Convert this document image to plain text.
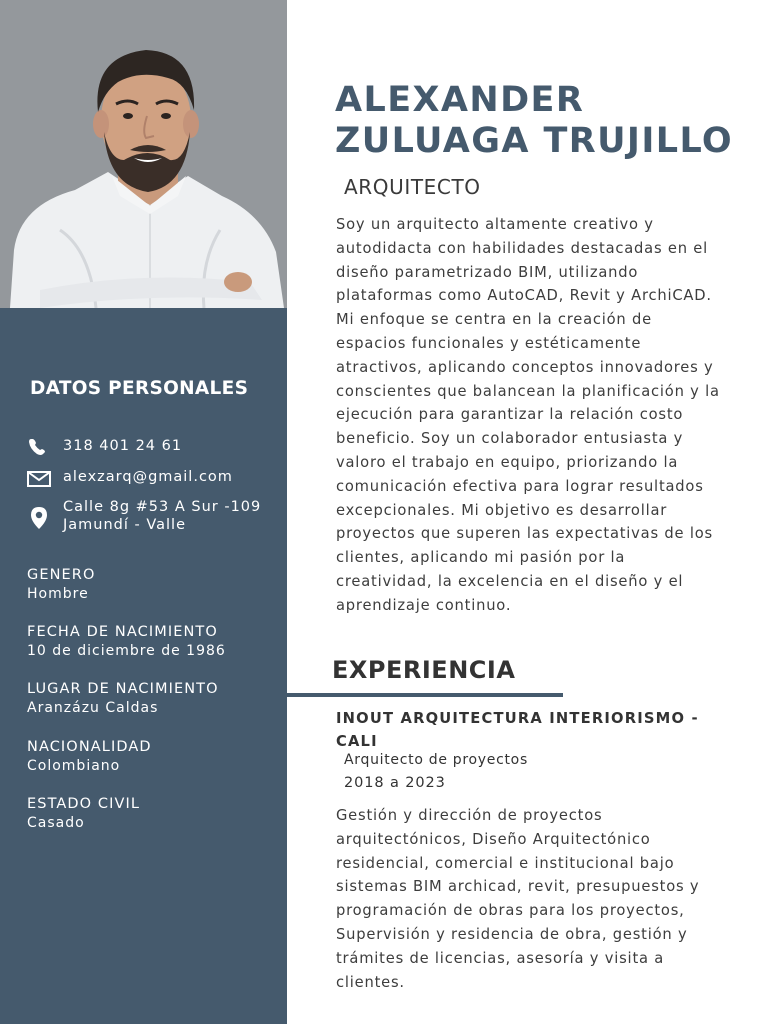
DATOS PERSONALES
318 401 24 61
alexzarq@gmail.com
Calle 8g #53 A Sur -109
Jamundí - Valle
GENERO
Hombre
FECHA DE NACIMIENTO
10 de diciembre de 1986
LUGAR DE NACIMIENTO
Aranzázu Caldas
NACIONALIDAD
Colombiano
ESTADO CIVIL
Casado
ALEXANDER
ZULUAGA TRUJILLO
ARQUITECTO

Soy un arquitecto altamente creativo y autodidacta con habilidades destacadas en el diseño parametrizado BIM, utilizando plataformas como AutoCAD, Revit y ArchiCAD.

Mi enfoque se centra en la creación de espacios funcionales y estéticamente atractivos, aplicando conceptos innovadores y conscientes que balancean la planificación y la ejecución para garantizar la relación costo beneficio. Soy un colaborador entusiasta y valoro el trabajo en equipo, priorizando la comunicación efectiva para lograr resultados excepcionales. Mi objetivo es desarrollar proyectos que superen las expectativas de los clientes, aplicando mi pasión por la creatividad, la excelencia en el diseño y el aprendizaje continuo.

EXPERIENCIA
INOUT ARQUITECTURA INTERIORISMO - CALI
Arquitecto de proyectos
2018 a 2023
Gestión y dirección de proyectos arquitectónicos, Diseño Arquitectónico residencial, comercial e institucional bajo sistemas BIM archicad, revit, presupuestos y programación de obras para los proyectos, Supervisión y residencia de obra, gestión y trámites de licencias, asesoría y visita a clientes.
